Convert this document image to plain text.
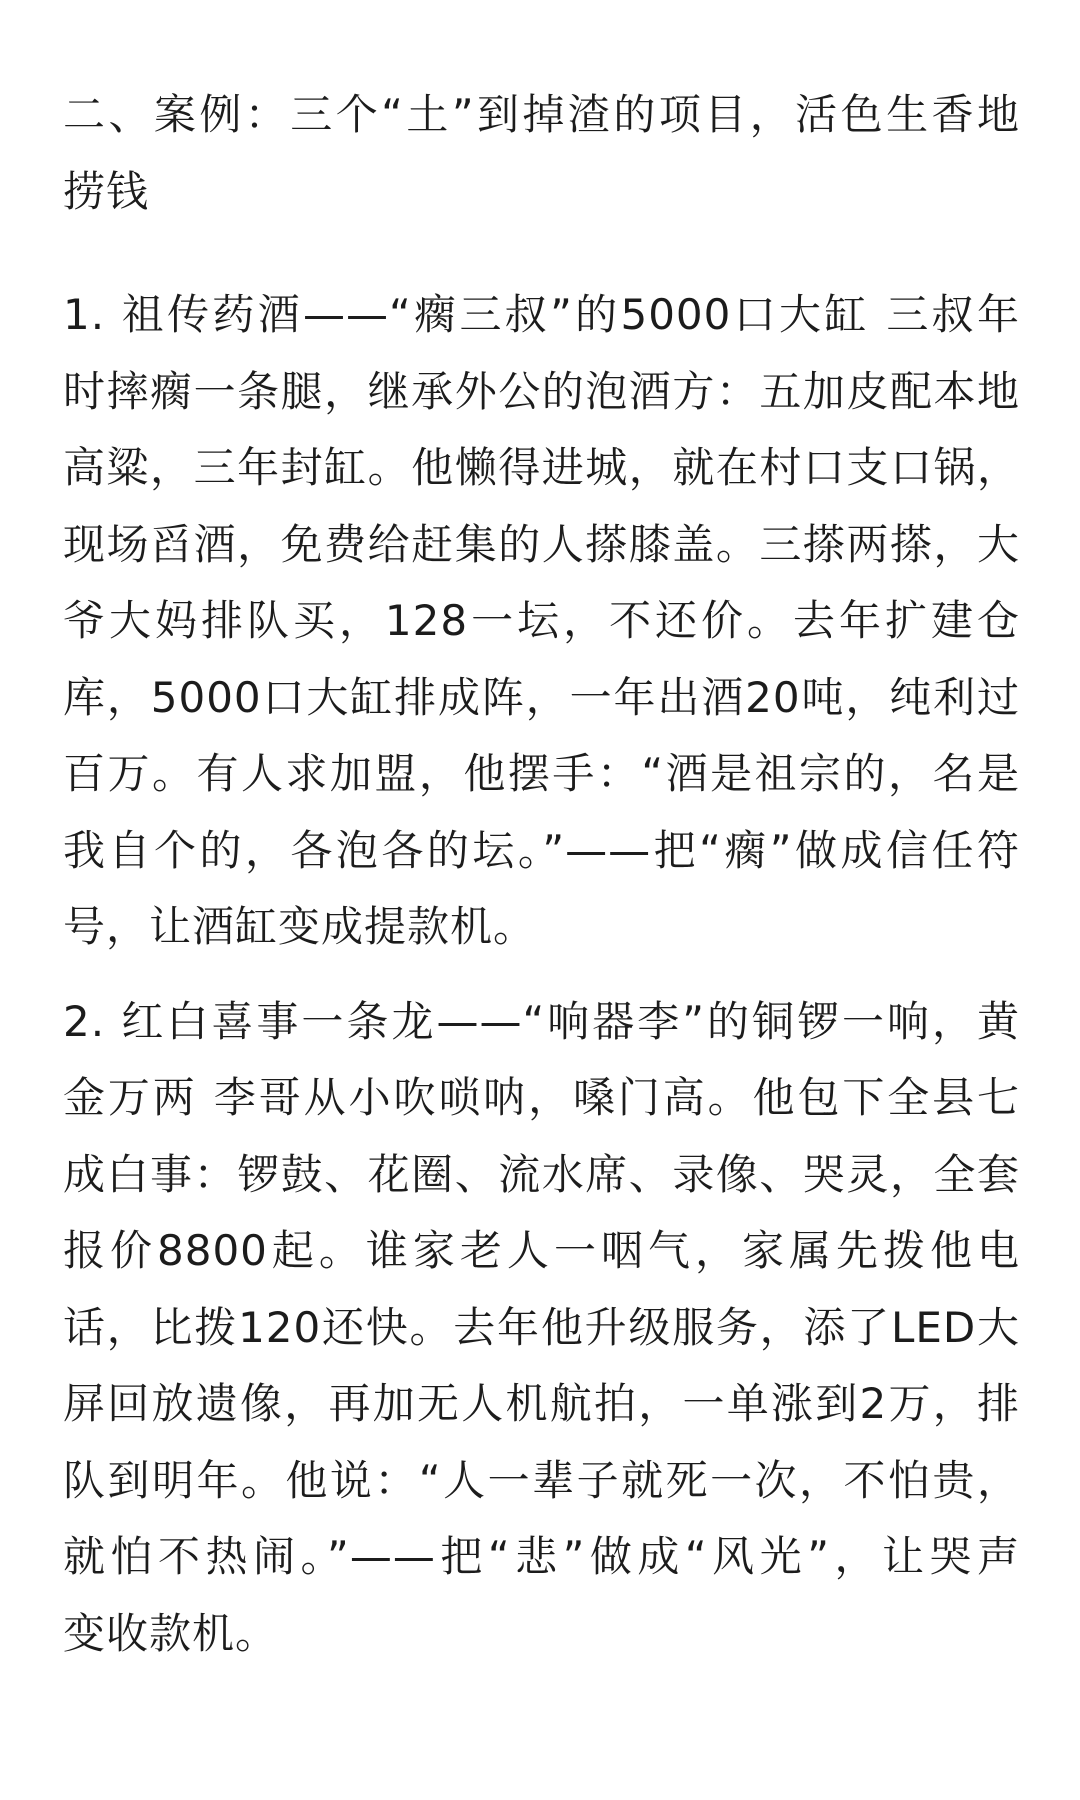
二、案例：三个“土”到掉渣的项目，活色生香地
捞钱
1. 祖传药酒——“瘸三叔”的5000口大缸 三叔年
时摔瘸一条腿，继承外公的泡酒方：五加皮配本地
高粱，三年封缸。他懒得进城，就在村口支口锅，
现场舀酒，免费给赶集的人搽膝盖。三搽两搽，大
爷大妈排队买，128一坛，不还价。去年扩建仓
库，5000口大缸排成阵，一年出酒20吨，纯利过
百万。有人求加盟，他摆手：“酒是祖宗的，名是
我自个的，各泡各的坛。”——把“瘸”做成信任符
号，让酒缸变成提款机。
2. 红白喜事一条龙——“响器李”的铜锣一响，黄
金万两 李哥从小吹唢呐，嗓门高。他包下全县七
成白事：锣鼓、花圈、流水席、录像、哭灵，全套
报价8800起。谁家老人一咽气，家属先拨他电
话，比拨120还快。去年他升级服务，添了LED大
屏回放遗像，再加无人机航拍，一单涨到2万，排
队到明年。他说：“人一辈子就死一次，不怕贵，
就怕不热闹。”——把“悲”做成“风光”，让哭声
变收款机。
